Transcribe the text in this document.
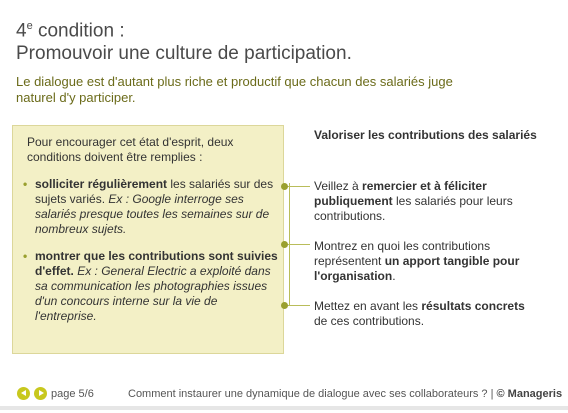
4e condition :
Promouvoir une culture de participation.
Le dialogue est d'autant plus riche et productif que chacun des salariés juge naturel d'y participer.
Pour encourager cet état d'esprit, deux conditions doivent être remplies :
• solliciter régulièrement les salariés sur des sujets variés. Ex : Google interroge ses salariés presque toutes les semaines sur de nombreux sujets.
• montrer que les contributions sont suivies d'effet. Ex : General Electric a exploité dans sa communication les photographies issues d'un concours interne sur la vie de l'entreprise.
Valoriser les contributions des salariés
Veillez à remercier et à féliciter publiquement les salariés pour leurs contributions.
Montrez en quoi les contributions représentent un apport tangible pour l'organisation.
Mettez en avant les résultats concrets de ces contributions.
page 5/6	Comment instaurer une dynamique de dialogue avec ses collaborateurs ? | © Manageris
